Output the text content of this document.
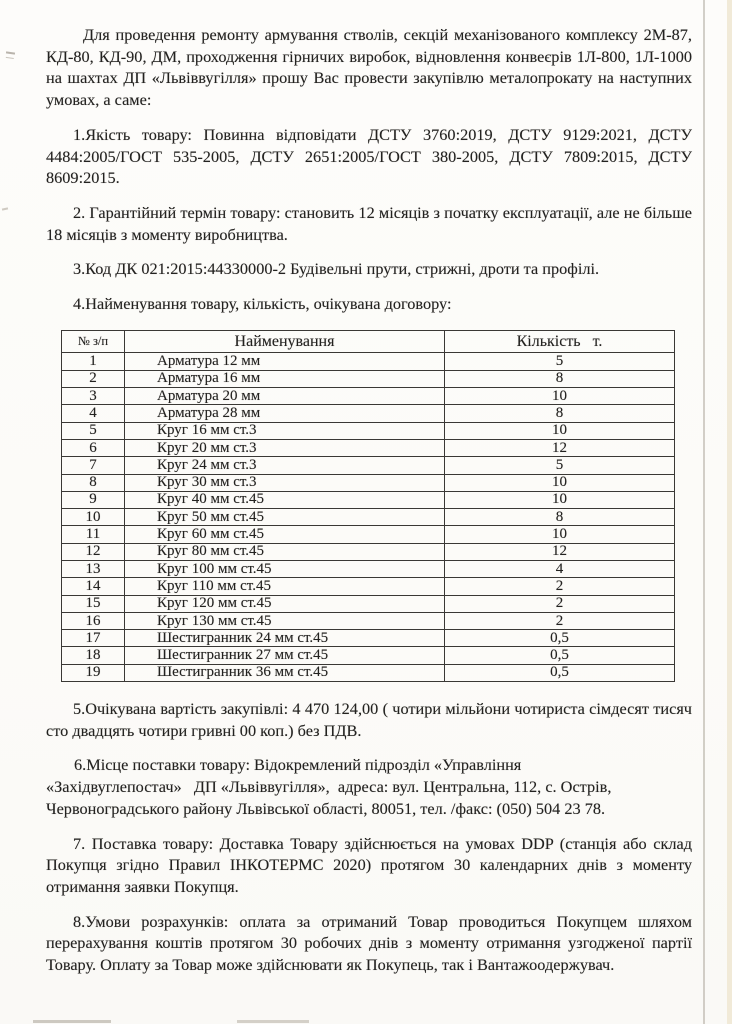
Для проведення ремонту армування стволів, секцій механізованого комплексу 2М-87, КД-80, КД-90, ДМ, проходження гірничих виробок, відновлення конвеєрів 1Л-800, 1Л-1000 на шахтах ДП «Львіввугілля» прошу Вас провести закупівлю металопрокату на наступних умовах, а саме:

1.Якість товару: Повинна відповідати ДСТУ 3760:2019, ДСТУ 9129:2021, ДСТУ 4484:2005/ГОСТ 535-2005, ДСТУ 2651:2005/ГОСТ 380-2005, ДСТУ 7809:2015, ДСТУ 8609:2015.

2. Гарантійний термін товару: становить 12 місяців з початку експлуатації, але не більше 18 місяців з моменту виробництва.

3.Код ДК 021:2015:44330000-2 Будівельні прути, стрижні, дроти та профілі.

4.Найменування товару, кількість, очікувана договору:

№ з/п	Найменування	Кількість   т.
1	Арматура 12 мм	5
2	Арматура 16 мм	8
3	Арматура 20 мм	10
4	Арматура 28 мм	8
5	Круг 16 мм ст.3	10
6	Круг 20 мм ст.3	12
7	Круг 24 мм ст.3	5
8	Круг 30 мм ст.3	10
9	Круг 40 мм ст.45	10
10	Круг 50 мм ст.45	8
11	Круг 60 мм ст.45	10
12	Круг 80 мм ст.45	12
13	Круг 100 мм ст.45	4
14	Круг 110 мм ст.45	2
15	Круг 120 мм ст.45	2
16	Круг 130 мм ст.45	2
17	Шестигранник 24 мм ст.45	0,5
18	Шестигранник 27 мм ст.45	0,5
19	Шестигранник 36 мм ст.45	0,5

5.Очікувана вартість закупівлі: 4 470 124,00 ( чотири мільйони чотириста сімдесят тисяч сто двадцять чотири гривні 00 коп.) без ПДВ.

6.Місце поставки товару: Відокремлений підрозділ «Управління
«Західвуглепостач»   ДП «Львіввугілля»,  адреса: вул. Центральна, 112, с. Острів,
Червоноградського району Львівської області, 80051, тел. /факс: (050) 504 23 78.

7. Поставка товару: Доставка Товару здійснюється на умовах DDP (станція або склад Покупця згідно Правил ІНКОТЕРМС 2020) протягом 30 календарних днів з моменту отримання заявки Покупця.

8.Умови розрахунків: оплата за отриманий Товар проводиться Покупцем шляхом перерахування коштів протягом 30 робочих днів з моменту отримання узгодженої партії Товару. Оплату за Товар може здійснювати як Покупець, так і Вантажоодержувач.
